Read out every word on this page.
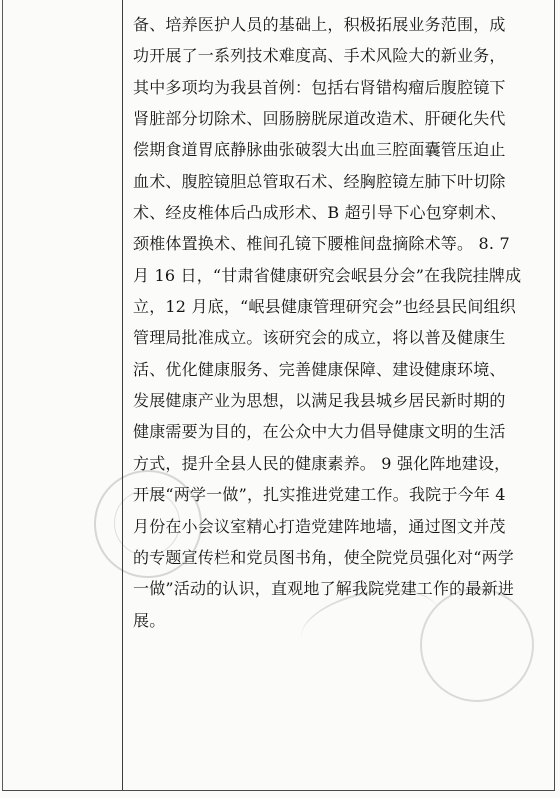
备、培养医护人员的基础上，积极拓展业务范围，成
功开展了一系列技术难度高、手术风险大的新业务，
其中多项均为我县首例：包括右肾错构瘤后腹腔镜下
肾脏部分切除术、回肠膀胱尿道改造术、肝硬化失代
偿期食道胃底静脉曲张破裂大出血三腔面囊管压迫止
血术、腹腔镜胆总管取石术、经胸腔镜左肺下叶切除
术、经皮椎体后凸成形术、B 超引导下心包穿刺术、
颈椎体置换术、椎间孔镜下腰椎间盘摘除术等。 8. 7
月 16 日，“甘肃省健康研究会岷县分会”在我院挂牌成
立，12 月底，“岷县健康管理研究会”也经县民间组织
管理局批准成立。该研究会的成立，将以普及健康生
活、优化健康服务、完善健康保障、建设健康环境、
发展健康产业为思想，以满足我县城乡居民新时期的
健康需要为目的，在公众中大力倡导健康文明的生活
方式，提升全县人民的健康素养。 9 强化阵地建设，
开展“两学一做”，扎实推进党建工作。我院于今年 4
月份在小会议室精心打造党建阵地墙，通过图文并茂
的专题宣传栏和党员图书角，使全院党员强化对“两学
一做”活动的认识，直观地了解我院党建工作的最新进
展。
